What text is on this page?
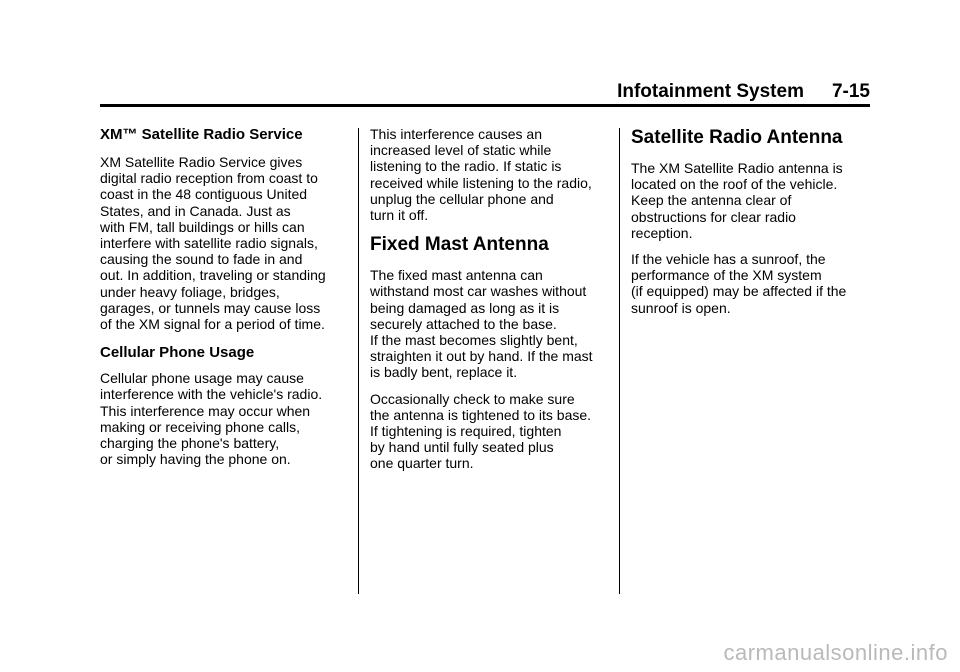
Infotainment System 7-15
XM™ Satellite Radio Service

XM Satellite Radio Service gives
digital radio reception from coast to
coast in the 48 contiguous United
States, and in Canada. Just as
with FM, tall buildings or hills can
interfere with satellite radio signals,
causing the sound to fade in and
out. In addition, traveling or standing
under heavy foliage, bridges,
garages, or tunnels may cause loss
of the XM signal for a period of time.

Cellular Phone Usage

Cellular phone usage may cause
interference with the vehicle's radio.
This interference may occur when
making or receiving phone calls,
charging the phone's battery,
or simply having the phone on.

This interference causes an
increased level of static while
listening to the radio. If static is
received while listening to the radio,
unplug the cellular phone and
turn it off.

Fixed Mast Antenna

The fixed mast antenna can
withstand most car washes without
being damaged as long as it is
securely attached to the base.
If the mast becomes slightly bent,
straighten it out by hand. If the mast
is badly bent, replace it.

Occasionally check to make sure
the antenna is tightened to its base.
If tightening is required, tighten
by hand until fully seated plus
one quarter turn.

Satellite Radio Antenna

The XM Satellite Radio antenna is
located on the roof of the vehicle.
Keep the antenna clear of
obstructions for clear radio
reception.

If the vehicle has a sunroof, the
performance of the XM system
(if equipped) may be affected if the
sunroof is open.

carmanualsonline.info
